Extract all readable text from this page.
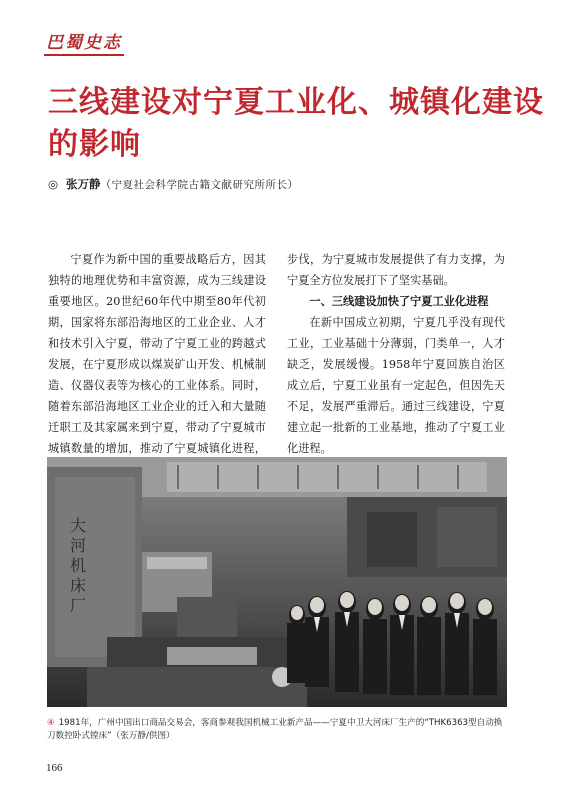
巴蜀史志
三线建设对宁夏工业化、城镇化建设的影响
◎ 张万静（宁夏社会科学院古籍文献研究所所长）

宁夏作为新中国的重要战略后方，因其独特的地理优势和丰富资源，成为三线建设重要地区。20世纪60年代中期至80年代初期，国家将东部沿海地区的工业企业、人才和技术引入宁夏，带动了宁夏工业的跨越式发展，在宁夏形成以煤炭矿山开发、机械制造、仪器仪表等为核心的工业体系。同时，随着东部沿海地区工业企业的迁入和大量随迁职工及其家属来到宁夏，带动了宁夏城市城镇数量的增加，推动了宁夏城镇化进程，

步伐，为宁夏城市发展提供了有力支撑，为宁夏全方位发展打下了坚实基础。

一、三线建设加快了宁夏工业化进程

在新中国成立初期，宁夏几乎没有现代工业，工业基础十分薄弱，门类单一，人才缺乏，发展缓慢。1958年宁夏回族自治区成立后，宁夏工业虽有一定起色，但因先天不足，发展严重滞后。通过三线建设，宁夏建立起一批新的工业基地，推动了宁夏工业化进程。

大河机床厂
④ 1981年，广州中国出口商品交易会，客商参观我国机械工业新产品——宁夏中卫大河床厂生产的“THK6363型自动换刀数控卧式镗床”（张万静/供图）
166
